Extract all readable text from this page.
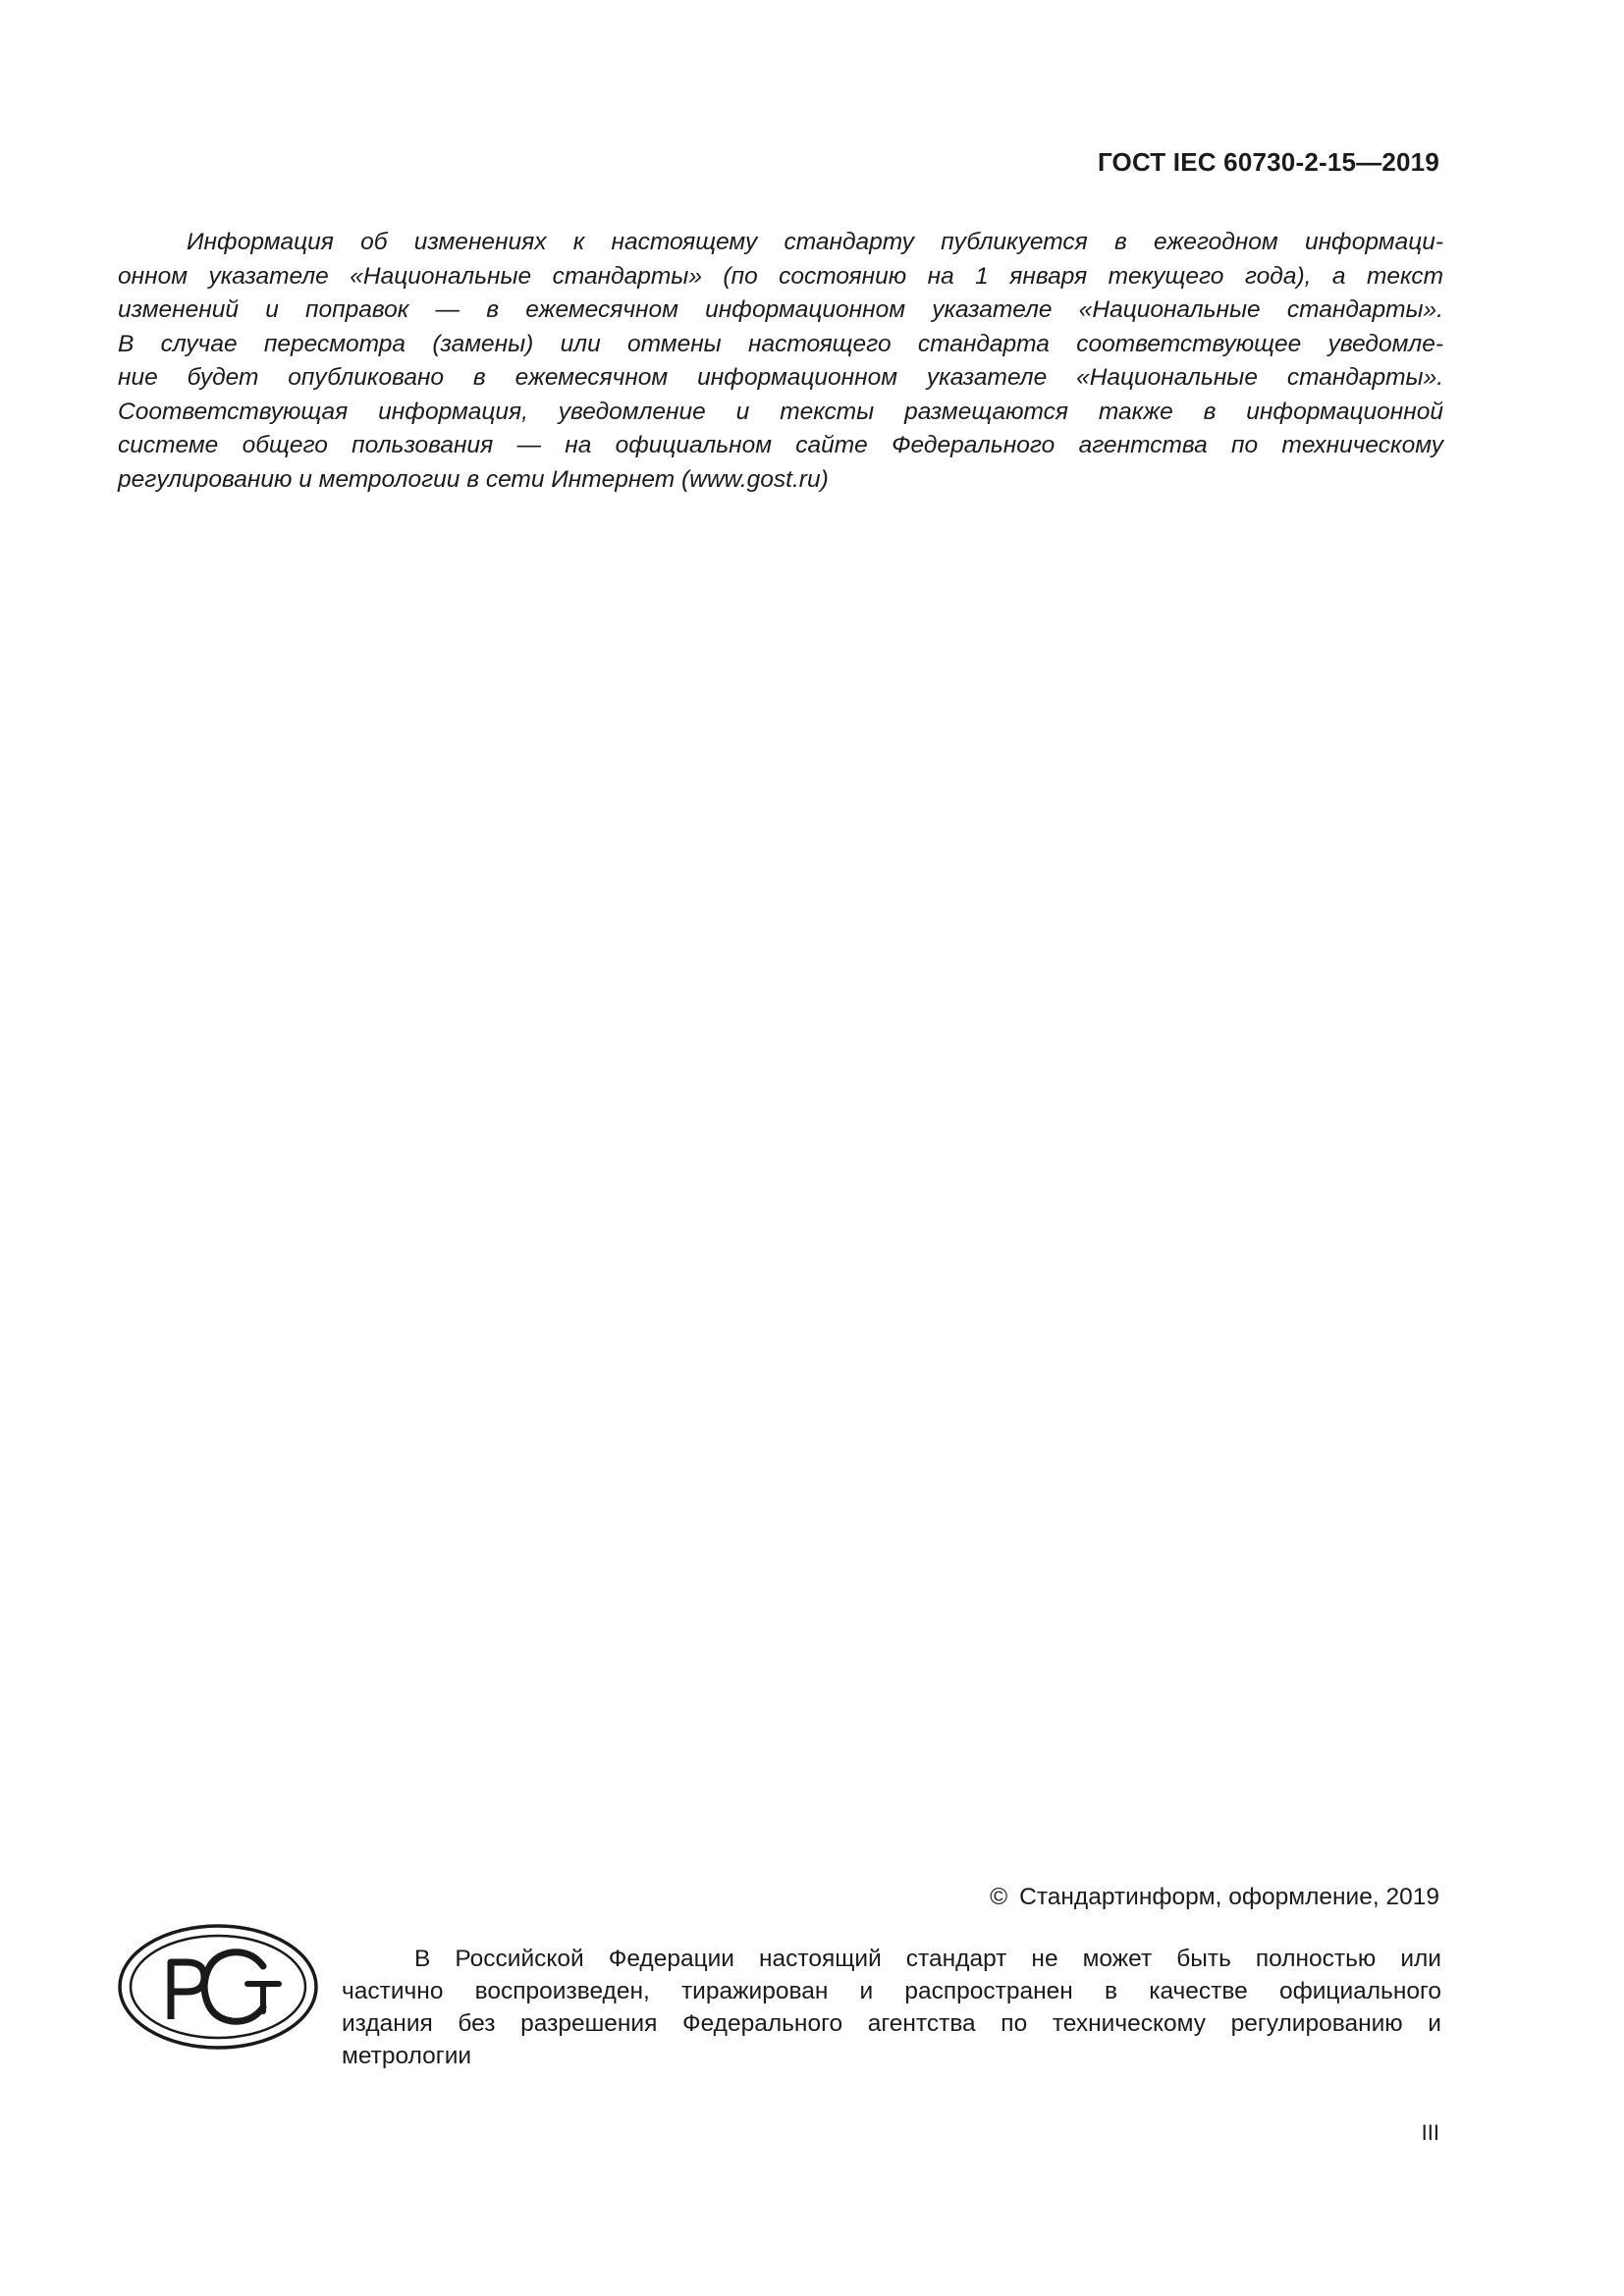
ГОСТ IEC 60730-2-15—2019
Информация об изменениях к настоящему стандарту публикуется в ежегодном информаци-
онном указателе «Национальные стандарты» (по состоянию на 1 января текущего года), а текст
изменений и поправок — в ежемесячном информационном указателе «Национальные стандарты».
В случае пересмотра (замены) или отмены настоящего стандарта соответствующее уведомле-
ние будет опубликовано в ежемесячном информационном указателе «Национальные стандарты».
Соответствующая информация, уведомление и тексты размещаются также в информационной
системе общего пользования — на официальном сайте Федерального агентства по техническому
регулированию и метрологии в сети Интернет (www.gost.ru)
© Стандартинформ, оформление, 2019
В Российской Федерации настоящий стандарт не может быть полностью или
частично воспроизведен, тиражирован и распространен в качестве официального
издания без разрешения Федерального агентства по техническому регулированию и
метрологии
III
